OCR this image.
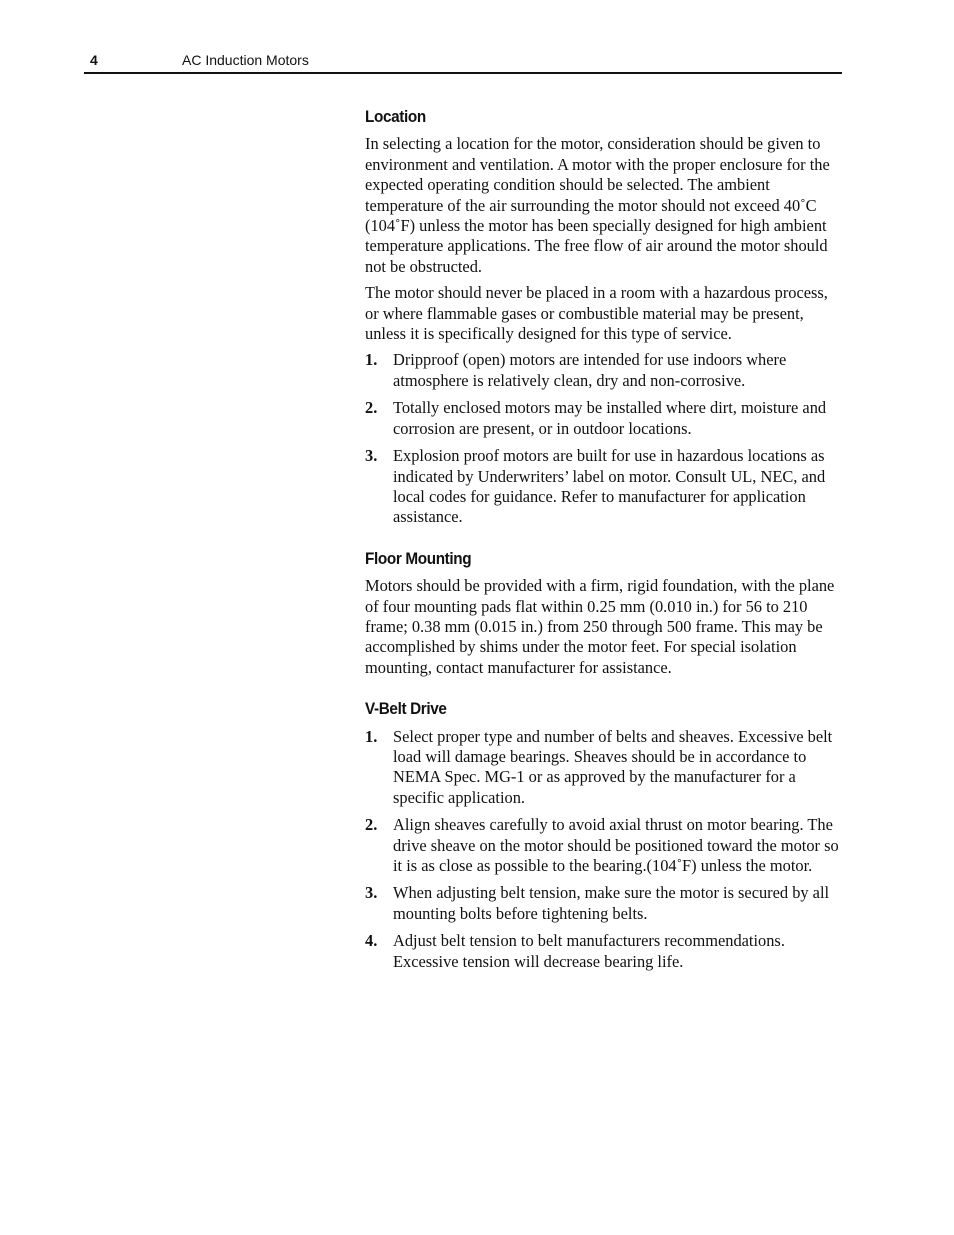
4	AC Induction Motors
Location

In selecting a location for the motor, consideration should be given to environment and ventilation. A motor with the proper enclosure for the expected operating condition should be selected. The ambient temperature of the air surrounding the motor should not exceed 40˚C (104˚F) unless the motor has been specially designed for high ambient temperature applications. The free flow of air around the motor should not be obstructed.

The motor should never be placed in a room with a hazardous process, or where flammable gases or combustible material may be present, unless it is specifically designed for this type of service.

1. Dripproof (open) motors are intended for use indoors where atmosphere is relatively clean, dry and non-corrosive.
2. Totally enclosed motors may be installed where dirt, moisture and corrosion are present, or in outdoor locations.
3. Explosion proof motors are built for use in hazardous locations as indicated by Underwriters’ label on motor. Consult UL, NEC, and local codes for guidance. Refer to manufacturer for application assistance.
Floor Mounting

Motors should be provided with a firm, rigid foundation, with the plane of four mounting pads flat within 0.25 mm (0.010 in.) for 56 to 210 frame; 0.38 mm (0.015 in.) from 250 through 500 frame. This may be accomplished by shims under the motor feet. For special isolation mounting, contact manufacturer for assistance.

V-Belt Drive
1. Select proper type and number of belts and sheaves. Excessive belt load will damage bearings. Sheaves should be in accordance to NEMA Spec. MG-1 or as approved by the manufacturer for a specific application.
2. Align sheaves carefully to avoid axial thrust on motor bearing. The drive sheave on the motor should be positioned toward the motor so it is as close as possible to the bearing.(104˚F) unless the motor.
3. When adjusting belt tension, make sure the motor is secured by all mounting bolts before tightening belts.
4. Adjust belt tension to belt manufacturers recommendations. Excessive tension will decrease bearing life.
